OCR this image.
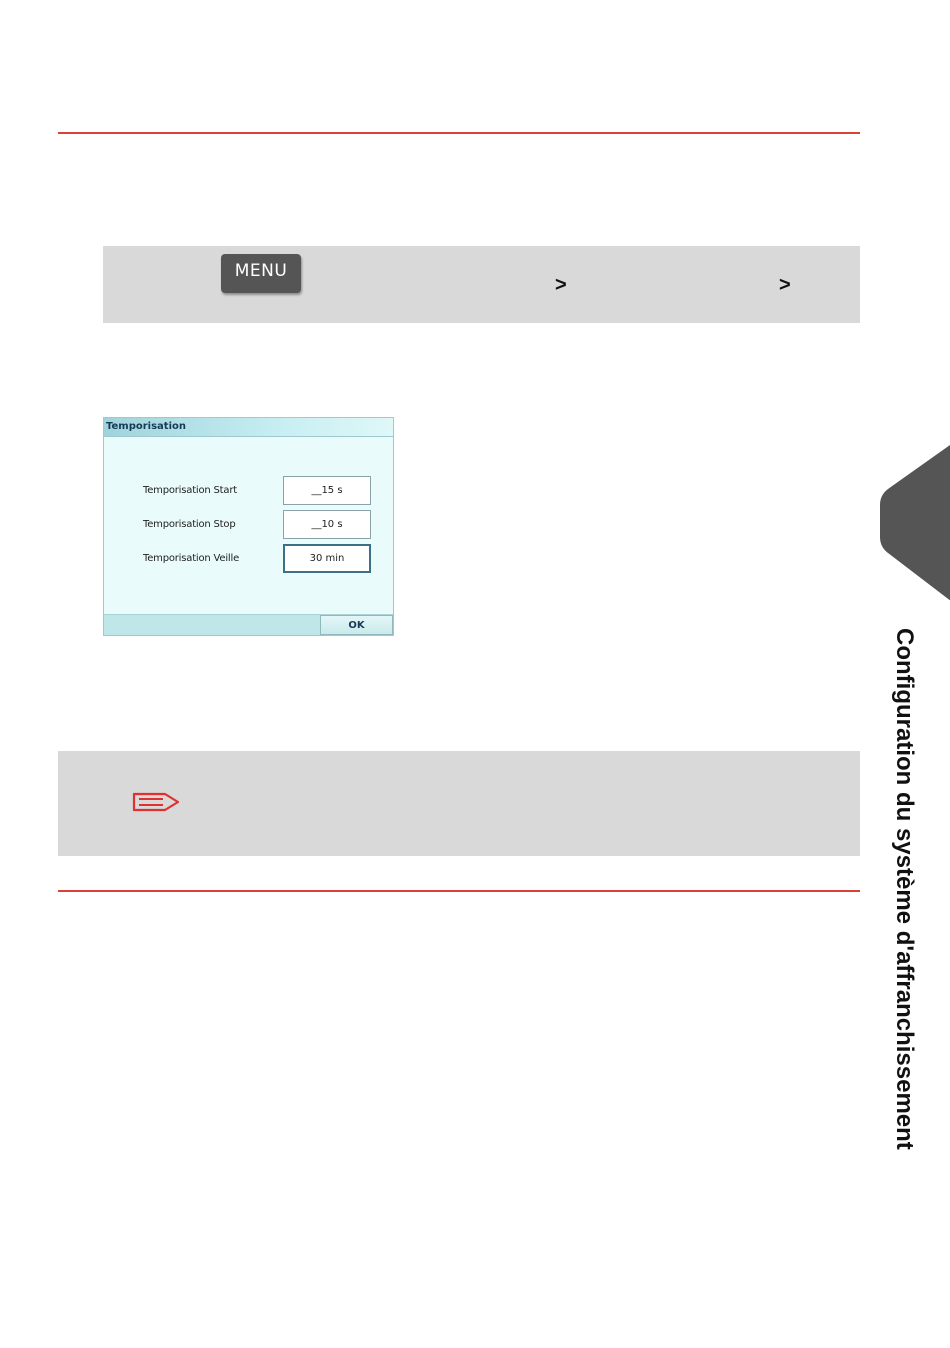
MENU
>	>
Temporisation
Temporisation Start	__15 s
Temporisation Stop	__10 s
Temporisation Veille	30 min
OK
Configuration du système d'affranchissement
